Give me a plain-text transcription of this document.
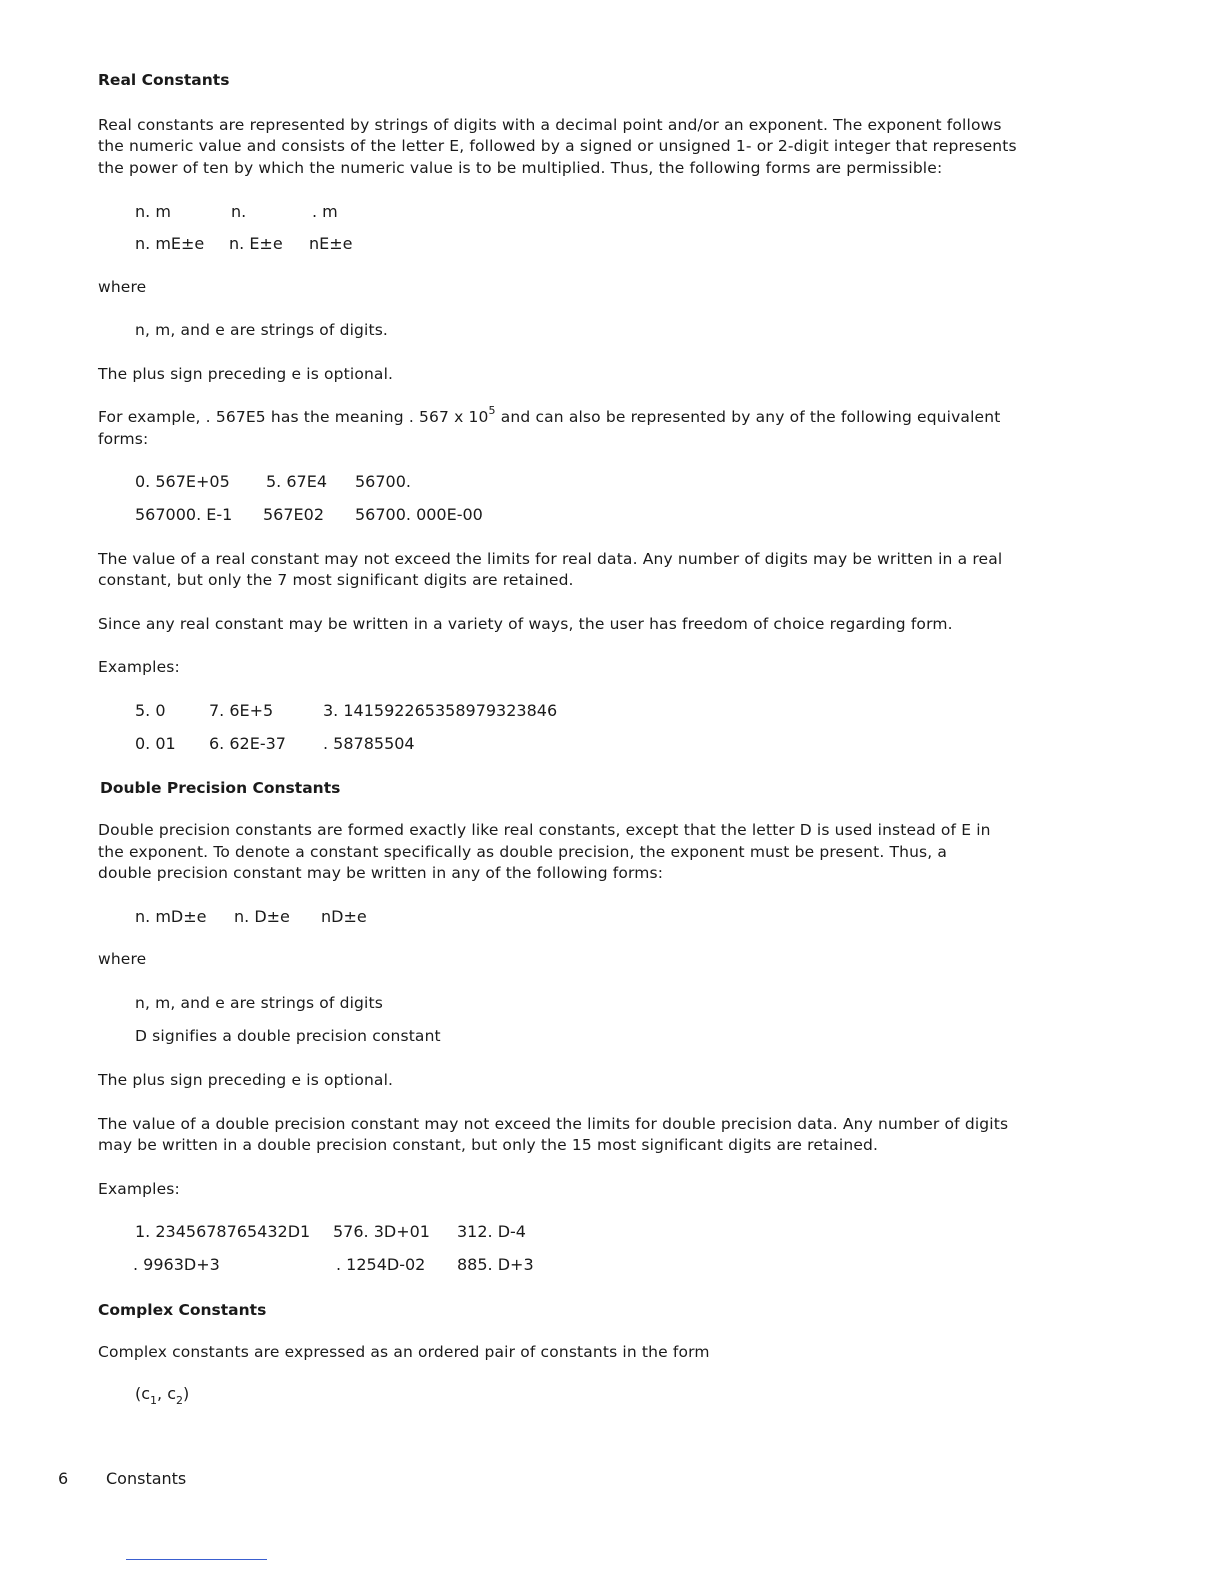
Real Constants
Real constants are represented by strings of digits with a decimal point and/or an exponent. The exponent follows
the numeric value and consists of the letter E, followed by a signed or unsigned 1- or 2-digit integer that represents
the power of ten by which the numeric value is to be multiplied. Thus, the following forms are permissible:
n. m	n.	. m
n. mE±e n. E±e nE±e
where
n, m, and e are strings of digits.
The plus sign preceding e is optional.
For example, . 567E5 has the meaning . 567 x $10^5$ and can also be represented by any of the following equivalent
forms:
0. 567E+05 5. 67E4 56700.
567000. E-1 567E02 56700. 000E-00
The value of a real constant may not exceed the limits for real data. Any number of digits may be written in a real
constant, but only the 7 most significant digits are retained.
Since any real constant may be written in a variety of ways, the user has freedom of choice regarding form.
Examples:
5. 0	7. 6E+5	3. 141592265358979323846
0. 01 6. 62E-37 . 58785504
Double Precision Constants
Double precision constants are formed exactly like real constants, except that the letter D is used instead of E in
the exponent. To denote a constant specifically as double precision, the exponent must be present. Thus, a
double precision constant may be written in any of the following forms:
n. mD±e n. D±e nD±e
where
n, m, and e are strings of digits
D signifies a double precision constant
The plus sign preceding e is optional.
The value of a double precision constant may not exceed the limits for double precision data. Any number of digits
may be written in a double precision constant, but only the 15 most significant digits are retained.
Examples:
1. 2345678765432D1 576. 3D+01 312. D-4
. 9963D+3	. 1254D-02 885. D+3
Complex Constants
Complex constants are expressed as an ordered pair of constants in the form
($c_1$, $c_2$)
6 Constants
